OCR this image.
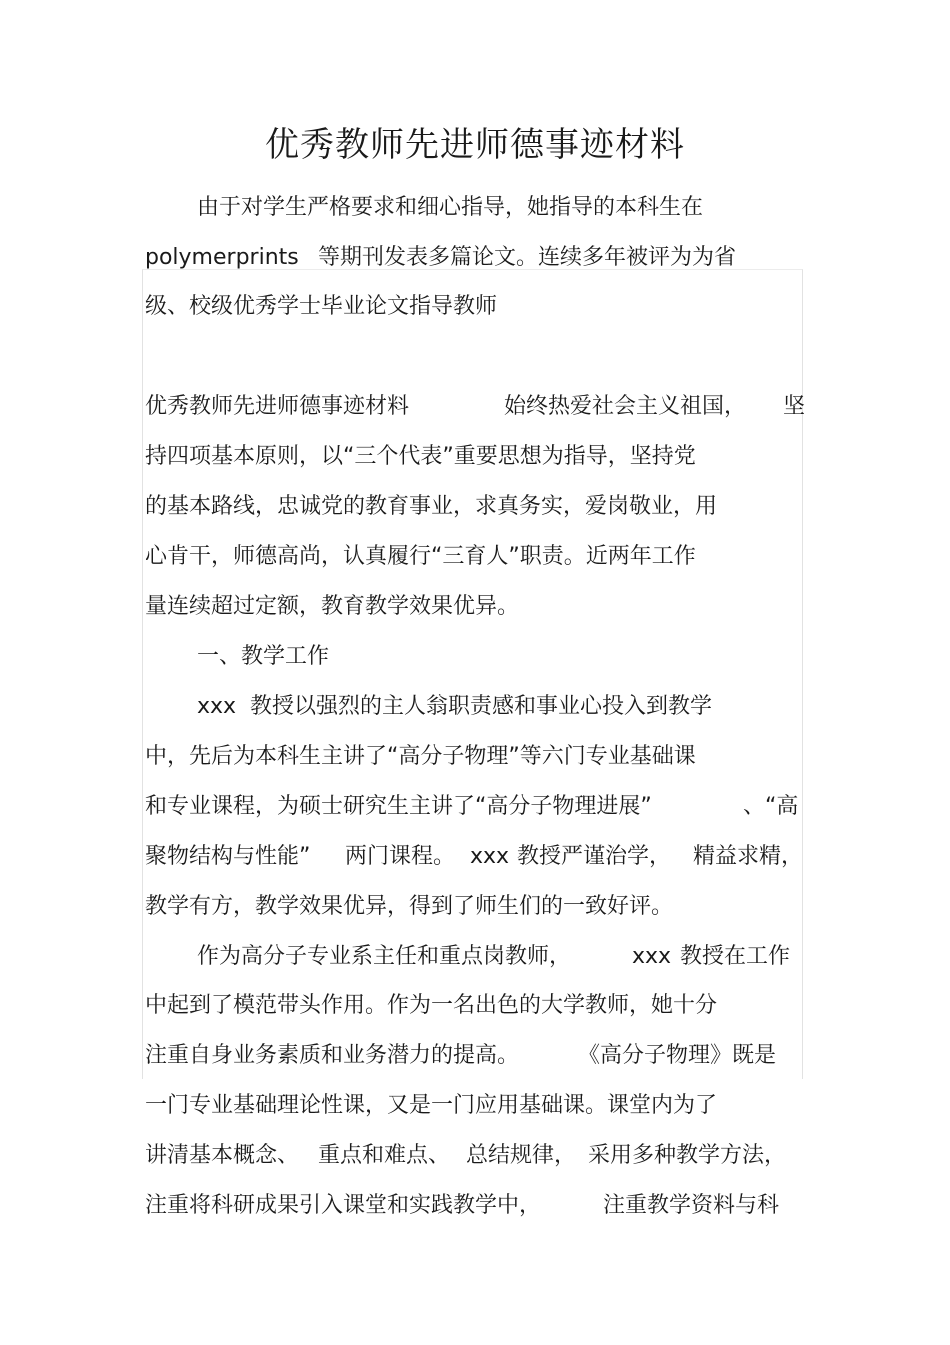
优秀教师先进师德事迹材料
由于对学生严格要求和细心指导，她指导的本科生在
polymerprints 等期刊发表多篇论文。连续多年被评为为省
级、校级优秀学士毕业论文指导教师
优秀教师先进师德事迹材料	始终热爱社会主义祖国， 坚
持四项基本原则，以“三个代表”重要思想为指导，坚持党
的基本路线，忠诚党的教育事业，求真务实，爱岗敬业，用
心肯干，师德高尚，认真履行“三育人”职责。近两年工作
量连续超过定额，教育教学效果优异。
一、教学工作
xxx 教授以强烈的主人翁职责感和事业心投入到教学
中，先后为本科生主讲了“高分子物理”等六门专业基础课
和专业课程，为硕士研究生主讲了“高分子物理进展”	、“高
聚物结构与性能” 两门课程。 xxx 教授严谨治学， 精益求精，
教学有方，教学效果优异，得到了师生们的一致好评。
作为高分子专业系主任和重点岗教师，	xxx 教授在工作
中起到了模范带头作用。作为一名出色的大学教师，她十分
注重自身业务素质和业务潜力的提高。	《高分子物理》既是
一门专业基础理论性课，又是一门应用基础课。课堂内为了
讲清基本概念、 重点和难点、 总结规律， 采用多种教学方法，
注重将科研成果引入课堂和实践教学中，	注重教学资料与科
